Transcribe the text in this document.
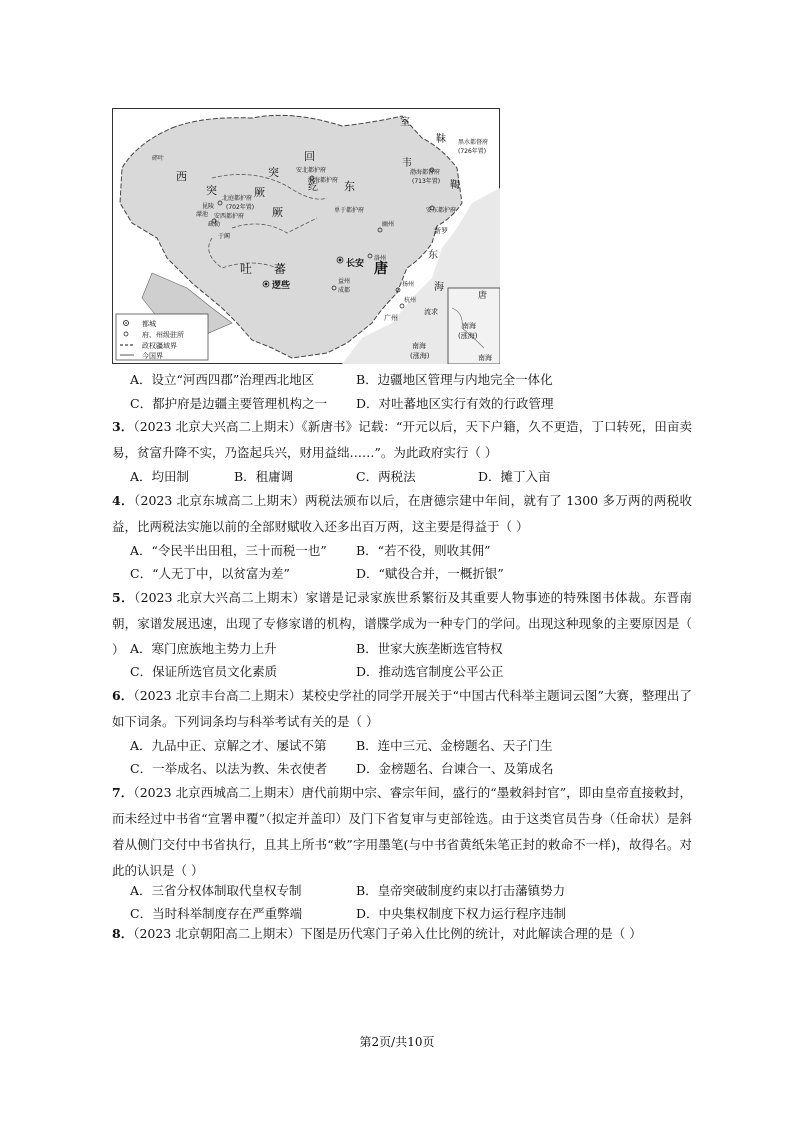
都城
府、州级驻所
政权疆域界
今国界
回
纥
突
厥	东
西
突
厥
吐 蕃	唐
室
韦
鞨
靺
长安
逻些
广州
东
海
唐
南海
(涨海)
南海
(涨海)
南海
流求
北庭都护府
(702年置)
安西都护府
安北都护府
瀚海都护府
渤海都督府
(713年置)
黑水都督府
(726年置)
单于都护府	安东都护府
幽州
扬州
洛州
益州
成都
杭州
新罗
碎叶
疏勒
于阗
昆陵
濛池
A．设立“河西四郡”治理西北地区	B．边疆地区管理与内地完全一体化
C．都护府是边疆主要管理机构之一 D．对吐蕃地区实行有效的行政管理
3．（2023 北京大兴高二上期末）《新唐书》记载：“开元以后，天下户籍，久不更造，丁口转死，田亩卖易，贫富升降不实，乃盗起兵兴，财用益绌……”。为此政府实行（ ）
A．均田制	B．租庸调	C．两税法	D．摊丁入亩
4．（2023 北京东城高二上期末）两税法颁布以后，在唐德宗建中年间，就有了 1300 多万两的两税收益，比两税法实施以前的全部财赋收入还多出百万两，这主要是得益于（ ）
A．“令民半出田租，三十而税一也” B．“若不役，则收其佣”
C．“人无丁中，以贫富为差”	D．“赋役合并，一概折银”
5．（2023 北京大兴高二上期末）家谱是记录家族世系繁衍及其重要人物事迹的特殊图书体裁。东晋南朝，家谱发展迅速，出现了专修家谱的机构，谱牒学成为一种专门的学问。出现这种现象的主要原因是（ ） A．寒门庶族地主势力上升	B．世家大族垄断选官特权
C．保证所选官员文化素质	D．推动选官制度公平公正
6．（2023 北京丰台高二上期末）某校史学社的同学开展关于“中国古代科举主题词云图”大赛，整理出了如下词条。下列词条均与科举考试有关的是（ ）
A．九品中正、京解之才、屡试不第 B．连中三元、金榜题名、天子门生
C．一举成名、以法为教、朱衣使者 D．金榜题名、台谏合一、及第成名
7．（2023 北京西城高二上期末）唐代前期中宗、睿宗年间，盛行的“墨敕斜封官”，即由皇帝直接敕封，而未经过中书省“宣署申覆”（拟定并盖印）及门下省复审与吏部铨选。由于这类官员告身（任命状）是斜着从侧门交付中书省执行，且其上所书“敕”字用墨笔(与中书省黄纸朱笔正封的敕命不一样)，故得名。对此的认识是（ ）
A．三省分权体制取代皇权专制	B．皇帝突破制度约束以打击藩镇势力
C．当时科举制度存在严重弊端	D．中央集权制度下权力运行程序违制
8．（2023 北京朝阳高二上期末）下图是历代寒门子弟入仕比例的统计，对此解读合理的是（ ）
第2页/共10页
